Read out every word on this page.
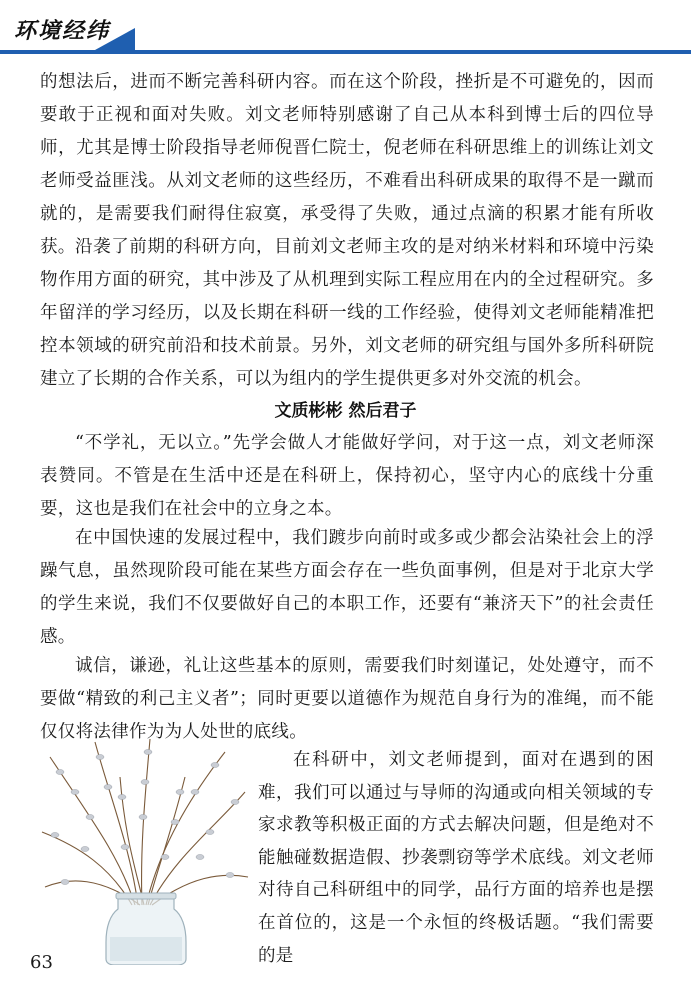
环境经纬

的想法后，进而不断完善科研内容。而在这个阶段，挫折是不可避免的，因而要敢于正视和面对失败。刘文老师特别感谢了自己从本科到博士后的四位导师，尤其是博士阶段指导老师倪晋仁院士，倪老师在科研思维上的训练让刘文老师受益匪浅。从刘文老师的这些经历，不难看出科研成果的取得不是一蹴而就的，是需要我们耐得住寂寞，承受得了失败，通过点滴的积累才能有所收获。 沿袭了前期的科研方向，目前刘文老师主攻的是对纳米材料和环境中污染物作用方面的研究，其中涉及了从机理到实际工程应用在内的全过程研究。多年留洋的学习经历，以及长期在科研一线的工作经验，使得刘文老师能精准把控本领域的研究前沿和技术前景。另外，刘文老师的研究组与国外多所科研院建立了长期的合作关系，可以为组内的学生提供更多对外交流的机会。

文质彬彬 然后君子

“不学礼，无以立。”先学会做人才能做好学问，对于这一点，刘文老师深表赞同。不管是在生活中还是在科研上，保持初心，坚守内心的底线十分重要，这也是我们在社会中的立身之本。

在中国快速的发展过程中，我们踱步向前时或多或少都会沾染社会上的浮躁气息，虽然现阶段可能在某些方面会存在一些负面事例，但是对于北京大学的学生来说，我们不仅要做好自己的本职工作，还要有“兼济天下”的社会责任感。

诚信，谦逊，礼让这些基本的原则，需要我们时刻谨记，处处遵守，而不要做“精致的利己主义者”；同时更要以道德作为规范自身行为的准绳，而不能仅仅将法律作为为人处世的底线。

在科研中，刘文老师提到，面对在遇到的困难，我们可以通过与导师的沟通或向相关领域的专家求教等积极正面的方式去解决问题，但是绝对不能触碰数据造假、抄袭剽窃等学术底线。刘文老师对待自己科研组中的同学，品行方面的培养也是摆在首位的，这是一个永恒的终极话题。“我们需要的是

63
